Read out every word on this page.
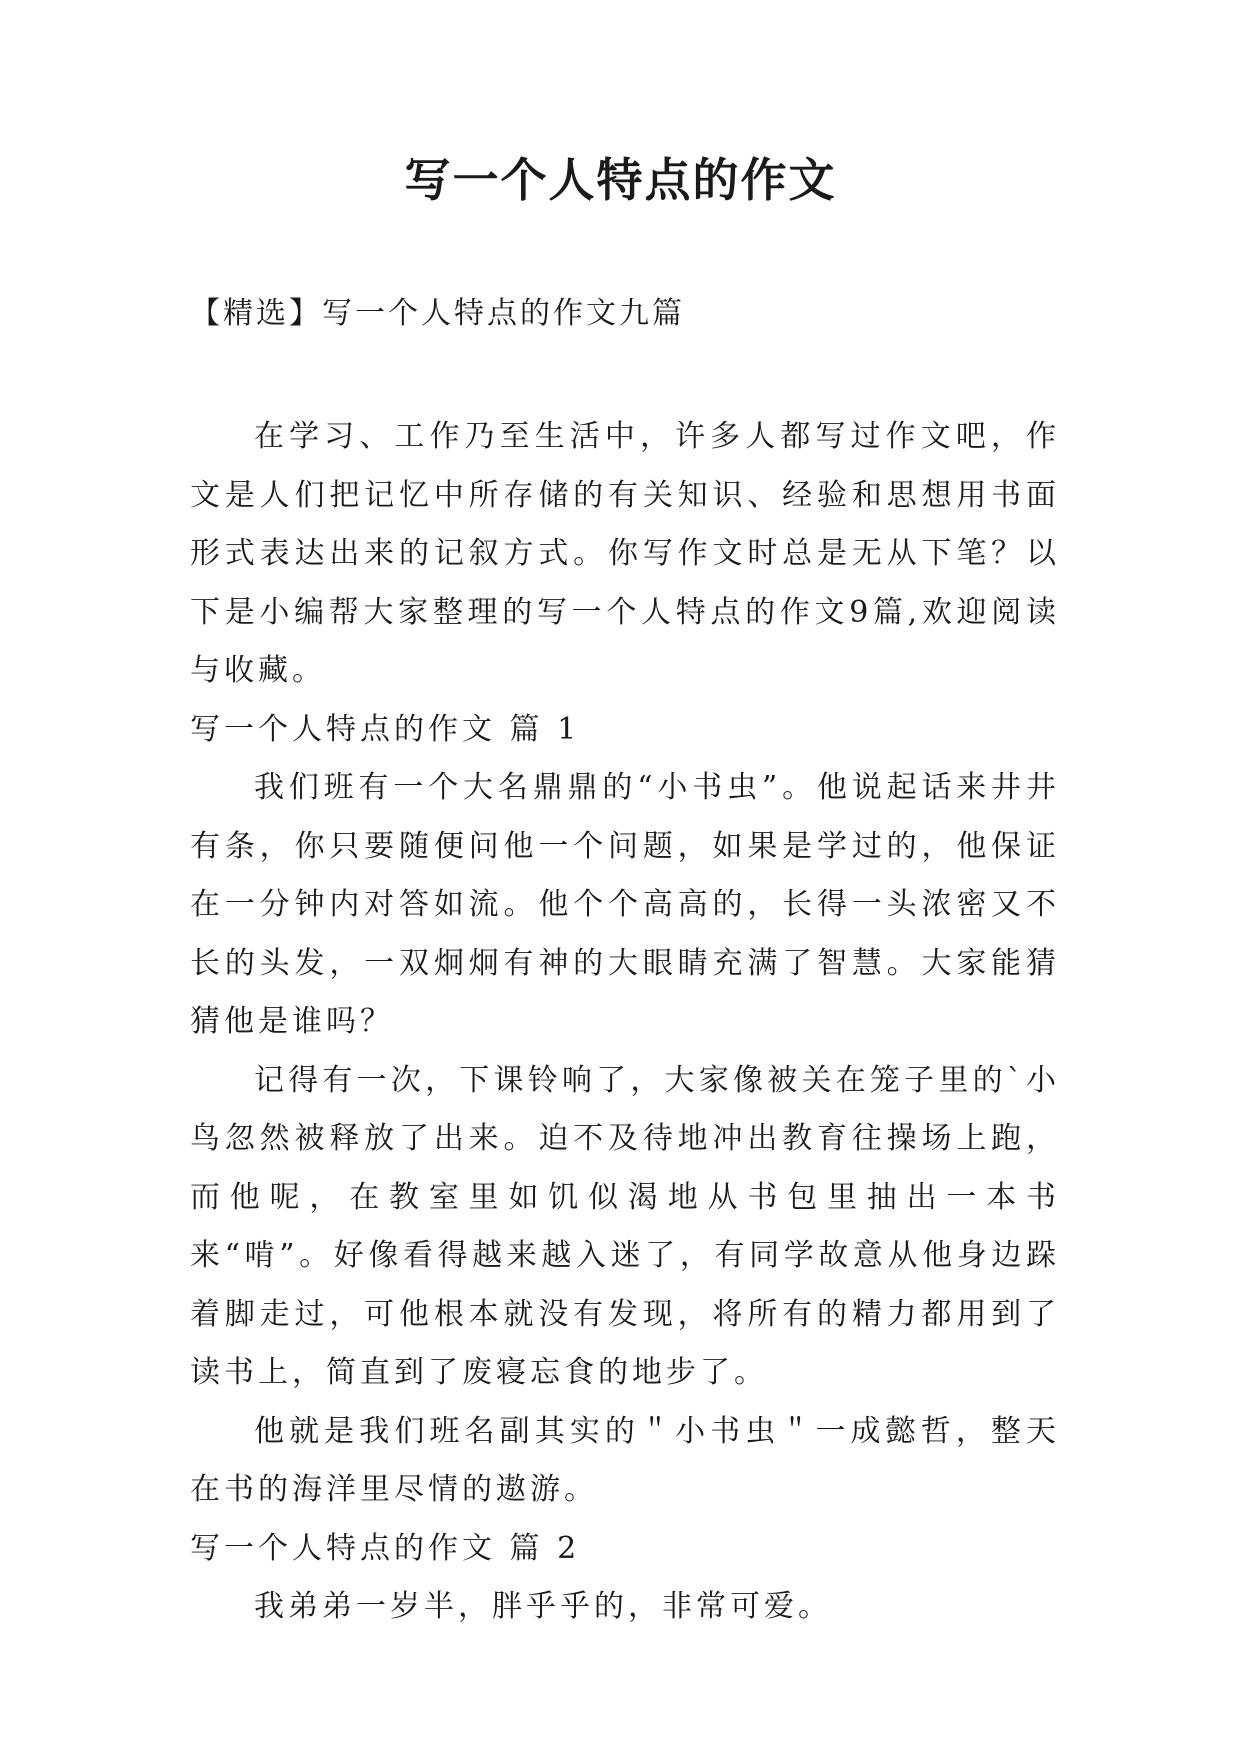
写一个人特点的作文

【精选】写一个人特点的作文九篇

在学习、工作乃至生活中，许多人都写过作文吧，作文是人们把记忆中所存储的有关知识、经验和思想用书面形式表达出来的记叙方式。你写作文时总是无从下笔？以下是小编帮大家整理的写一个人特点的作文9篇,欢迎阅读与收藏。

写一个人特点的作文 篇 1

我们班有一个大名鼎鼎的“小书虫”。他说起话来井井有条，你只要随便问他一个问题，如果是学过的，他保证在一分钟内对答如流。他个个高高的，长得一头浓密又不长的头发，一双炯炯有神的大眼睛充满了智慧。大家能猜猜他是谁吗？

记得有一次，下课铃响了，大家像被关在笼子里的`小鸟忽然被释放了出来。迫不及待地冲出教育往操场上跑，而他呢，在教室里如饥似渴地从书包里抽出一本书来“啃”。好像看得越来越入迷了，有同学故意从他身边跺着脚走过，可他根本就没有发现，将所有的精力都用到了读书上，简直到了废寝忘食的地步了。

他就是我们班名副其实的＂小书虫＂一成懿哲，整天在书的海洋里尽情的遨游。

写一个人特点的作文 篇 2

我弟弟一岁半，胖乎乎的，非常可爱。
